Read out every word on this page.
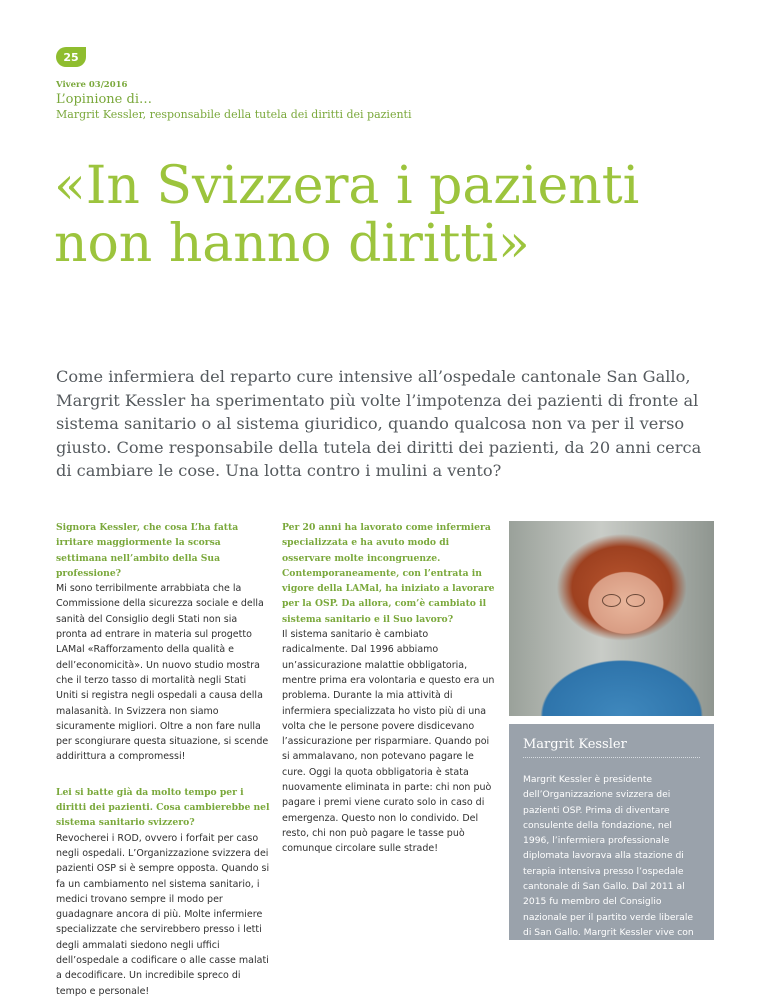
25
Vivere 03/2016
L’opinione di…
Margrit Kessler, responsabile della tutela dei diritti dei pazienti
«In Svizzera i pazienti non hanno diritti»

Come infermiera del reparto cure intensive all’ospedale cantonale San Gallo, Margrit Kessler ha sperimentato più volte l’impotenza dei pazienti di fronte al sistema sanitario o al sistema giuridico, quando qualcosa non va per il verso giusto. Come responsabile della tutela dei diritti dei pazienti, da 20 anni cerca di cambiare le cose. Una lotta contro i mulini a vento?

Signora Kessler, che cosa L’ha fatta irritare maggiormente la scorsa settimana nell’ambito della Sua professione?

Mi sono terribilmente arrabbiata che la Commissione della sicurezza sociale e della sanità del Consiglio degli Stati non sia pronta ad entrare in materia sul progetto LAMal «Rafforzamento della qualità e dell’economicità». Un nuovo studio mostra che il terzo tasso di mortalità negli Stati Uniti si registra negli ospedali a causa della malasanità. In Svizzera non siamo sicuramente migliori. Oltre a non fare nulla per scongiurare questa situazione, si scende addirittura a compromessi!

Lei si batte già da molto tempo per i diritti dei pazienti. Cosa cambierebbe nel sistema sanitario svizzero?

Revocherei i ROD, ovvero i forfait per caso negli ospedali. L’Organizzazione svizzera dei pazienti OSP si è sempre opposta. Quando si fa un cambiamento nel sistema sanitario, i medici trovano sempre il modo per guadagnare ancora di più. Molte infermiere specializzate che servirebbero presso i letti degli ammalati siedono negli uffici dell’ospedale a codificare o alle casse malati a decodificare. Un incredibile spreco di tempo e personale!

Per 20 anni ha lavorato come infermiera specializzata e ha avuto modo di osservare molte incongruenze. Contemporaneamente, con l’entrata in vigore della LAMal, ha iniziato a lavorare per la OSP. Da allora, com’è cambiato il sistema sanitario e il Suo lavoro?

Il sistema sanitario è cambiato radicalmente. Dal 1996 abbiamo un’assicurazione malattie obbligatoria, mentre prima era volontaria e questo era un problema. Durante la mia attività di infermiera specializzata ho visto più di una volta che le persone povere disdicevano l’assicurazione per risparmiare. Quando poi si ammalavano, non potevano pagare le cure. Oggi la quota obbligatoria è stata nuovamente eliminata in parte: chi non può pagare i premi viene curato solo in caso di emergenza. Questo non lo condivido. Del resto, chi non può pagare le tasse può comunque circolare sulle strade!

Margrit Kessler
Margrit Kessler è presidente dell’Organizzazione svizzera dei pazienti OSP. Prima di diventare consulente della fondazione, nel 1996, l’infermiera professionale diplomata lavorava alla stazione di terapia intensiva presso l’ospedale cantonale di San Gallo. Dal 2011 al 2015 fu membro del Consiglio nazionale per il partito verde liberale di San Gallo. Margrit Kessler vive con suo marito, un chirurgo, ad Altstätten SG e ha quattro figli adulti.
